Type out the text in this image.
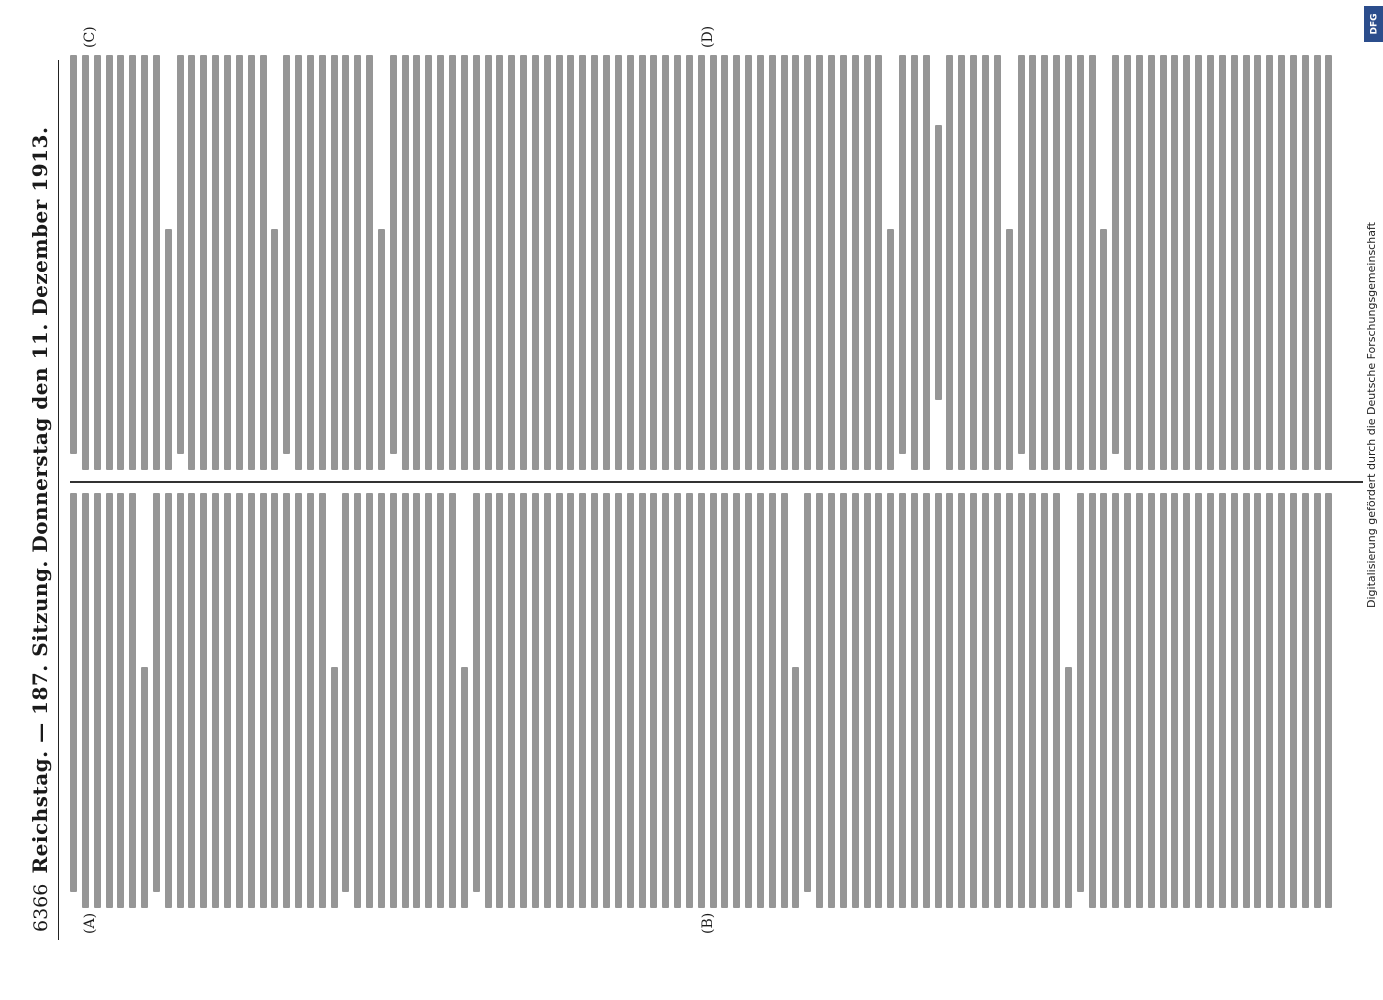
6366
Reichstag. — 187. Sitzung. Donnerstag den 11. Dezember 1913.
(A)	(B)
(C)	(D)
DFG
Digitalisierung gefördert durch die Deutsche Forschungsgemeinschaft
